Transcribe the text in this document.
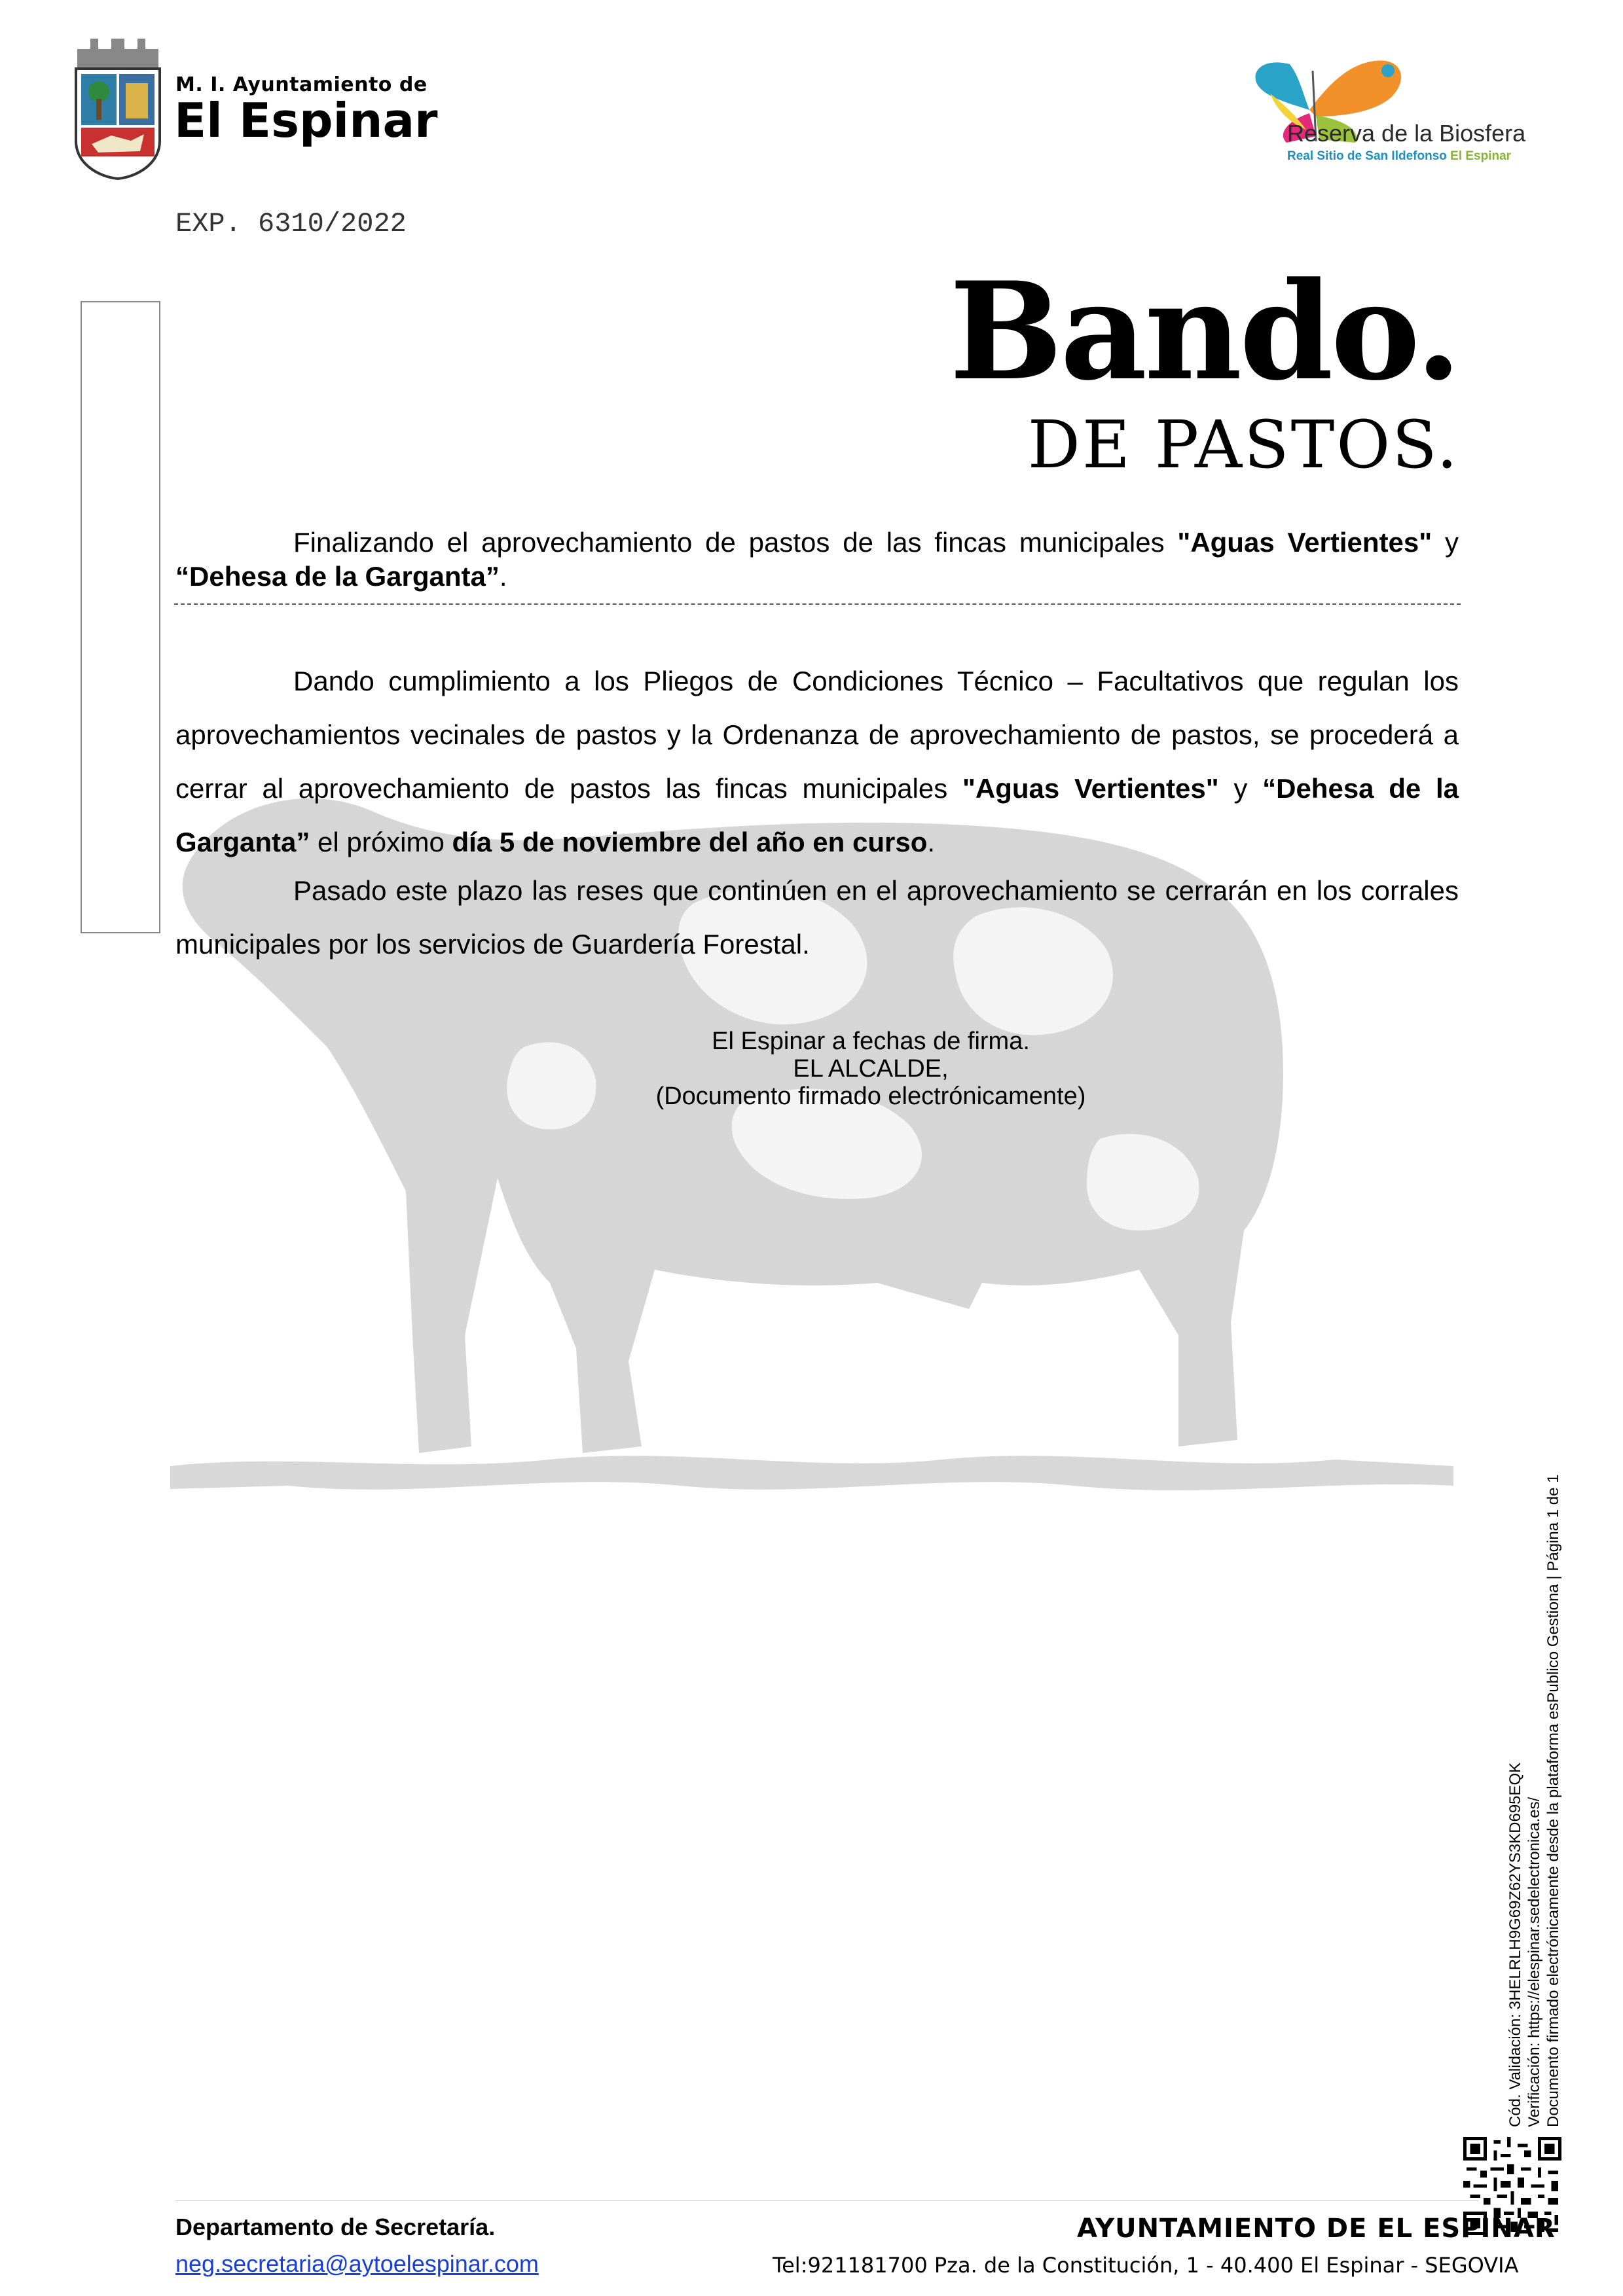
M. I. Ayuntamiento de
El Espinar	Reserva de la Biosfera
Real Sitio de San Ildefonso El Espinar
EXP. 6310/2022
Bando.
DE PASTOS.
Finalizando el aprovechamiento de pastos de las fincas municipales "Aguas Vertientes" y “Dehesa de la Garganta”.
Dando cumplimiento a los Pliegos de Condiciones Técnico – Facultativos que regulan los aprovechamientos vecinales de pastos y la Ordenanza de aprovechamiento de pastos, se procederá a cerrar al aprovechamiento de pastos las fincas municipales "Aguas Vertientes" y “Dehesa de la Garganta” el próximo día 5 de noviembre del año en curso.
Pasado este plazo las reses que continúen en el aprovechamiento se cerrarán en los corrales municipales por los servicios de Guardería Forestal.
El Espinar a fechas de firma.
EL ALCALDE,
(Documento firmado electrónicamente)
Cód. Validación: 3HELRLH9G69Z62YS3KD695EQK Verificación: https://elespinar.sedelectronica.es/ Documento firmado electrónicamente desde la plataforma esPublico Gestiona | Página 1 de 1
Departamento de Secretaría.
neg.secretaria@aytoelespinar.com
AYUNTAMIENTO DE EL ESPINAR
Tel:921181700 Pza. de la Constitución, 1 - 40.400 El Espinar - SEGOVIA
